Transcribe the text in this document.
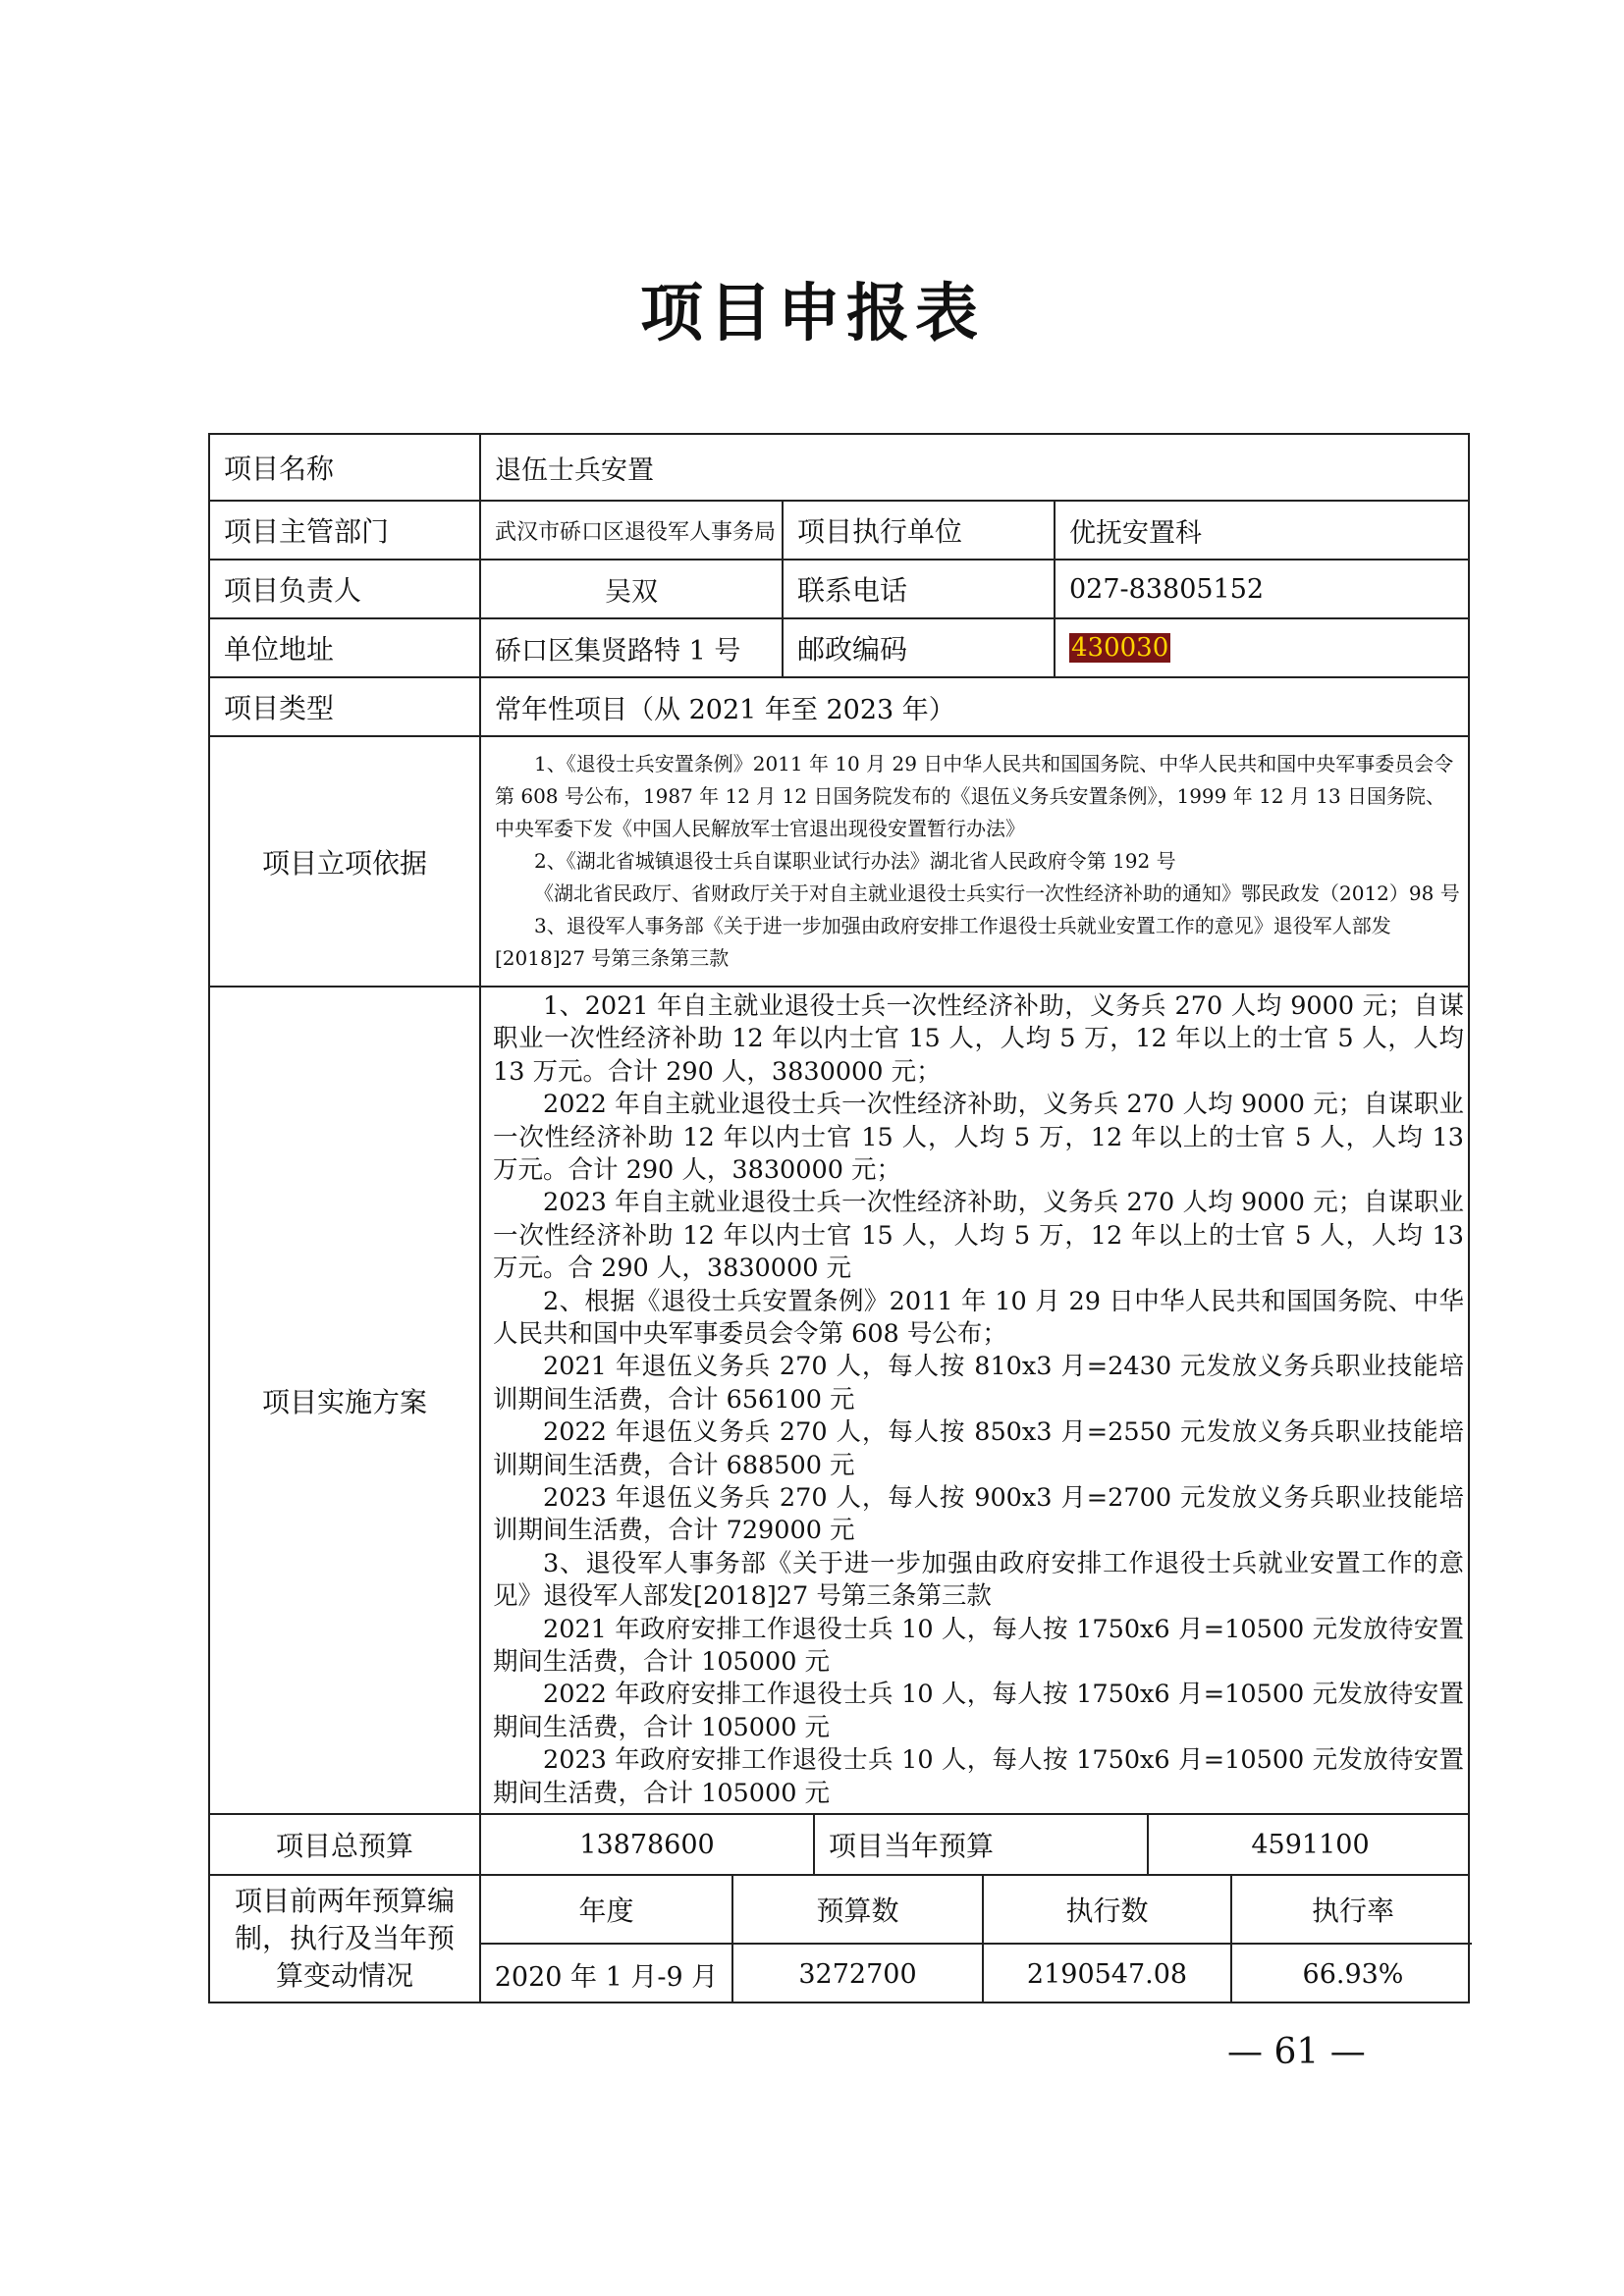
项目申报表
项目名称	退伍士兵安置
项目主管部门	武汉市硚口区退役军人事务局 项目执行单位	优抚安置科
项目负责人	吴双	联系电话	027-83805152
单位地址	硚口区集贤路特 1 号	邮政编码	430030
项目类型	常年性项目（从 2021 年至 2023 年）
项目立项依据

1、《退役士兵安置条例》2011 年 10 月 29 日中华人民共和国国务院、中华人民共和国中央军事委员会令第 608 号公布，1987 年 12 月 12 日国务院发布的《退伍义务兵安置条例》，1999 年 12 月 13 日国务院、中央军委下发《中国人民解放军士官退出现役安置暂行办法》

2、《湖北省城镇退役士兵自谋职业试行办法》湖北省人民政府令第 192 号

《湖北省民政厅、省财政厅关于对自主就业退役士兵实行一次性经济补助的通知》鄂民政发（2012）98 号

3、退役军人事务部《关于进一步加强由政府安排工作退役士兵就业安置工作的意见》退役军人部发[2018]27 号第三条第三款

项目实施方案

1、2021 年自主就业退役士兵一次性经济补助，义务兵 270 人均 9000 元；自谋职业一次性经济补助 12 年以内士官 15 人，人均 5 万，12 年以上的士官 5 人，人均 13 万元。合计 290 人，3830000 元；

2022 年自主就业退役士兵一次性经济补助，义务兵 270 人均 9000 元；自谋职业一次性经济补助 12 年以内士官 15 人，人均 5 万，12 年以上的士官 5 人，人均 13 万元。合计 290 人，3830000 元；

2023 年自主就业退役士兵一次性经济补助，义务兵 270 人均 9000 元；自谋职业一次性经济补助 12 年以内士官 15 人，人均 5 万，12 年以上的士官 5 人，人均 13 万元。合 290 人，3830000 元

2、根据《退役士兵安置条例》2011 年 10 月 29 日中华人民共和国国务院、中华人民共和国中央军事委员会令第 608 号公布；

2021 年退伍义务兵 270 人，每人按 810x3 月=2430 元发放义务兵职业技能培训期间生活费，合计 656100 元

2022 年退伍义务兵 270 人，每人按 850x3 月=2550 元发放义务兵职业技能培训期间生活费，合计 688500 元

2023 年退伍义务兵 270 人，每人按 900x3 月=2700 元发放义务兵职业技能培训期间生活费，合计 729000 元

3、退役军人事务部《关于进一步加强由政府安排工作退役士兵就业安置工作的意见》退役军人部发[2018]27 号第三条第三款

2021 年政府安排工作退役士兵 10 人，每人按 1750x6 月=10500 元发放待安置期间生活费，合计 105000 元

2022 年政府安排工作退役士兵 10 人，每人按 1750x6 月=10500 元发放待安置期间生活费，合计 105000 元

2023 年政府安排工作退役士兵 10 人，每人按 1750x6 月=10500 元发放待安置期间生活费，合计 105000 元

项目总预算	13878600	项目当年预算	4591100
项目前两年预算编制，执行及当年预算变动情况
年度	预算数	执行数	执行率
2020 年 1 月-9 月	3272700	2190547.08	66.93%
— 61 —
